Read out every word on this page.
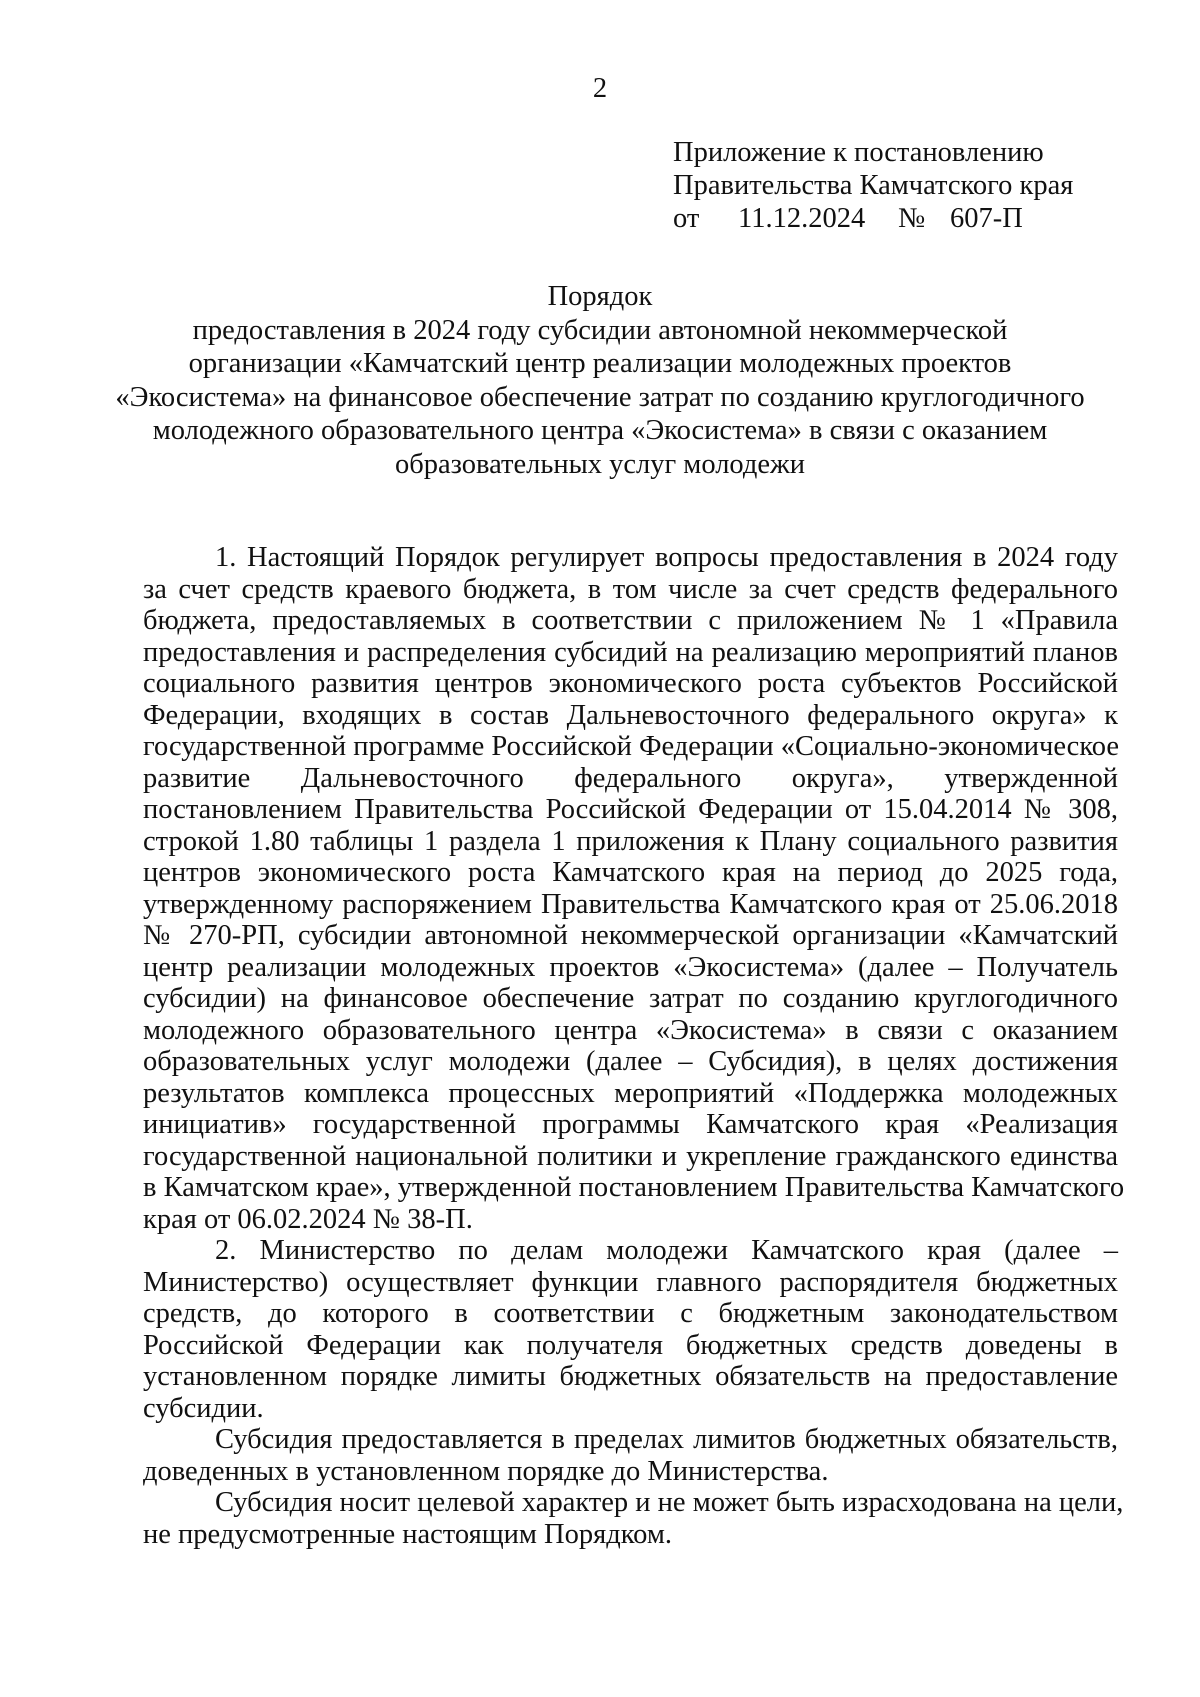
2
Приложение к постановлению
Правительства Камчатского края
от 11.12.2024 № 607-П
Порядок
предоставления в 2024 году субсидии автономной некоммерческой
организации «Камчатский центр реализации молодежных проектов
«Экосистема» на финансовое обеспечение затрат по созданию круглогодичного
молодежного образовательного центра «Экосистема» в связи с оказанием
образовательных услуг молодежи
1. Настоящий Порядок регулирует вопросы предоставления в 2024 году
за счет средств краевого бюджета, в том числе за счет средств федерального
бюджета, предоставляемых в соответствии с приложением № 1 «Правила
предоставления и распределения субсидий на реализацию мероприятий планов
социального развития центров экономического роста субъектов Российской
Федерации, входящих в состав Дальневосточного федерального округа» к
государственной программе Российской Федерации «Социально-экономическое
развитие Дальневосточного федерального округа», утвержденной
постановлением Правительства Российской Федерации от 15.04.2014 № 308,
строкой 1.80 таблицы 1 раздела 1 приложения к Плану социального развития
центров экономического роста Камчатского края на период до 2025 года,
утвержденному распоряжением Правительства Камчатского края от 25.06.2018
№ 270-РП, субсидии автономной некоммерческой организации «Камчатский
центр реализации молодежных проектов «Экосистема» (далее – Получатель
субсидии) на финансовое обеспечение затрат по созданию круглогодичного
молодежного образовательного центра «Экосистема» в связи с оказанием
образовательных услуг молодежи (далее – Субсидия), в целях достижения
результатов комплекса процессных мероприятий «Поддержка молодежных
инициатив» государственной программы Камчатского края «Реализация
государственной национальной политики и укрепление гражданского единства
в Камчатском крае», утвержденной постановлением Правительства Камчатского
края от 06.02.2024 № 38-П.
2. Министерство по делам молодежи Камчатского края (далее –
Министерство) осуществляет функции главного распорядителя бюджетных
средств, до которого в соответствии с бюджетным законодательством
Российской Федерации как получателя бюджетных средств доведены в
установленном порядке лимиты бюджетных обязательств на предоставление
субсидии.
Субсидия предоставляется в пределах лимитов бюджетных обязательств,
доведенных в установленном порядке до Министерства.
Субсидия носит целевой характер и не может быть израсходована на цели,
не предусмотренные настоящим Порядком.
